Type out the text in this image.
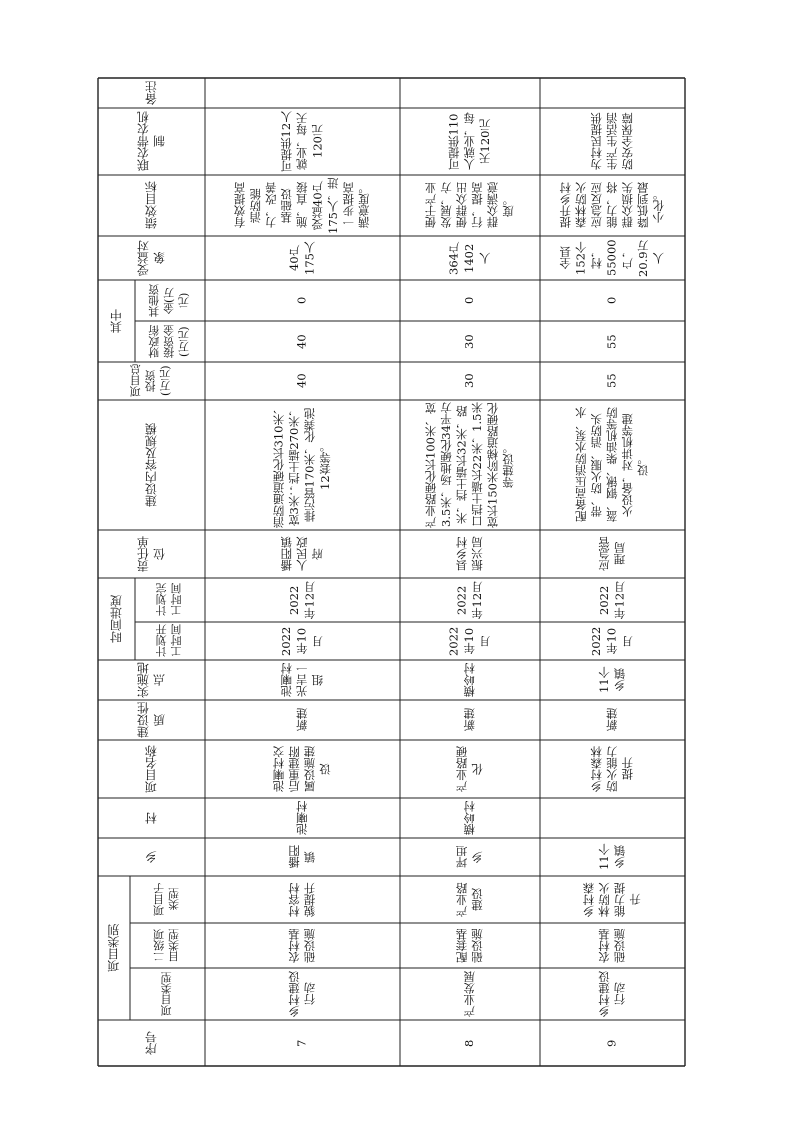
项目类别
项目类型
二级项目类型
项目子类型
序号
乡
村
项目名称
建设性质
实施地点
责任单位
建设内容及规模
项目总投资(万元)
受益对象
绩效目标
联农带农机制
备注
时间进度	计划开工时间
计划完工时间
其中
财政衔接资金(万元)
其他资金(万元)
7
乡村建设行动
农村基础设施
村容村貌提升
播阳镇
池喇村
池喇村交后重建附属设施建设
新建
池喇村光吉一组
2022年10月
2022年12月
播阳镇人民政府
消防通道硬化长310米、宽3米；挡土墙270米，排污管170米，化粪池12套等。
40
40
0
40户175人
有效提高消防能力，改善基础设施，直接受益40户175人，进一步提高满意度。
可提供12人就业，每天120元
8
产业发展
配套基础设施
产业路建设
坪坦乡
横岭村
产业路硬化
新建
横岭村
2022年10月
2022年12月
县乡村振兴局
产业路硬化长100米、宽3.5米，场地硬化34平方米，挡土墙长32米，路口挡土墙长22米，1.5米宽长150米阶梯道路硬化等建设。
30
30
0
364户1402人
便于产业发展，方便群众出行，提高群众满意度。
可提供110人就业，每天120元
9
乡村建设行动
农村基础设施
乡村森林防火能力提升
11个乡镇
乡村森林防火能力提升
新建
11个乡镇
2022年10月
2022年12月
应急管理局
配备高压消防水泵、水带、防火服、消防头盔、钢锹、柴油机等防火设备，对讲机等建设。
55
55
0
全县152个村，55000户，20.9万人
提升乡村森林防火应急反应能力，将群众损失降低到最小化。
为村民提供生产生活消防安全保障
